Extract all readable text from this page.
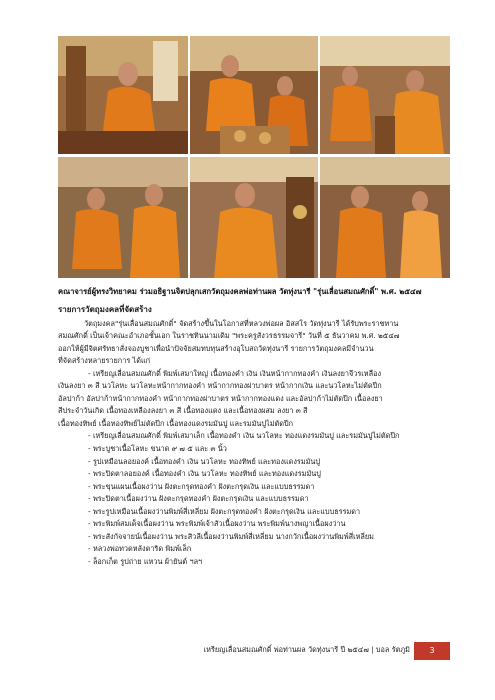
คณาจารย์ผู้ทรงวิทยาคม ร่วมอธิฐานจิตปลุกเสกวัตถุมงคลพ่อท่านผล วัดทุ่งนารี "รุ่นเลื่อนสมณศักดิ์" พ.ศ. ๒๕๔๗
รายการวัตถุมงคลที่จัดสร้าง
วัตถุมงคล"รุ่นเลื่อนสมณศักดิ์" จัดสร้างขึ้นในโอกาสที่หลวงพ่อผล อิสสโร วัดทุ่งนารี ได้รับพระราชทาน
สมณศักดิ์ เป็นเจ้าคณะอำเภอชั้นเอก ในราชทินนามเดิม "พระครูสังวรธรรมจารี" วันที่ ๕ ธันวาคม พ.ศ. ๒๕๔๗
ออกให้ผู้มีจิตศรัทธาสั่งจองบูชาเพื่อนำปัจจัยสมทบทุนสร้างอุโบสถวัดทุ่งนารี รายการวัตถุมงคลมีจำนวน
ที่จัดสร้างหลายรายการ ได้แก่
- เหรียญเลื่อนสมณศักดิ์ พิมพ์เสมาใหญ่ เนื้อทองคำ เงิน เงินหน้ากากทองคำ เงินลงยาจีวรเหลือง
เงินลงยา ๓ สี นวโลหะ นวโลหะหน้ากากทองคำ หน้ากากทองฝาบาตร หน้ากากเงิน และนวโลหะไม่ตัดปีก
อัลปาก้า อัลปาก้าหน้ากากทองคำ หน้ากากทองฝาบาตร หน้ากากทองแดง และอัลปาก้าไม่ตัดปีก เนื้อลงยา
สีประจำวันเกิด เนื้อทองเหลืองลงยา ๓ สี เนื้อทองแดง และเนื้อทองผสม ลงยา ๓ สี
เนื้อทองทิพย์ เนื้อทองทิพย์ไม่ตัดปีก เนื้อทองแดงรมมันปู และรมมันปูไม่ตัดปีก
- เหรียญเลื่อนสมณศักดิ์ พิมพ์เสมาเล็ก เนื้อทองคำ เงิน นวโลหะ ทองแดงรมมันปู และรมมันปูไม่ตัดปีก
- พระบูชาเนื้อโลหะ ขนาด ๙ ๗ ๕ และ ๓ นิ้ว
- รูปเหมือนลอยองค์ เนื้อทองคำ เงิน นวโลหะ ทองทิพย์ และทองแดงรมมันปู
- พระปิดตาลอยองค์ เนื้อทองคำ เงิน นวโลหะ ทองทิพย์ และทองแดงรมมันปู
- พระขุนแผนเนื้อผงว่าน ฝังตะกรุดทองคำ ฝังตะกรุดเงิน และแบบธรรมดา
- พระปิดตาเนื้อผงว่าน ฝังตะกรุดทองคำ ฝังตะกรุดเงิน และแบบธรรมดา
- พระรูปเหมือนเนื้อผงว่านพิมพ์สี่เหลี่ยม ฝังตะกรุดทองคำ ฝังตะกรุดเงิน และแบบธรรมดา
- พระพิมพ์สมเด็จเนื้อผงว่าน พระพิมพ์เจ้าสัวเนื้อผงว่าน พระพิมพ์นางพญาเนื้อผงว่าน
- พระสังกัจจายน์เนื้อผงว่าน พระสิวลีเนื้อผงว่านพิมพ์สี่เหลี่ยม นางกวักเนื้อผงว่านพิมพ์สี่เหลี่ยม
- หลวงพ่อทวดหลังตาริด พิมพ์เล็ก
- ล็อกเก็ต รูปถ่าย แหวน ผ้ายันต์ ฯลฯ
เหรียญเลื่อนสมณศักดิ์ พ่อท่านผล วัดทุ่งนารี ปี ๒๕๔๗ | บอล รัตภูมิ	3
